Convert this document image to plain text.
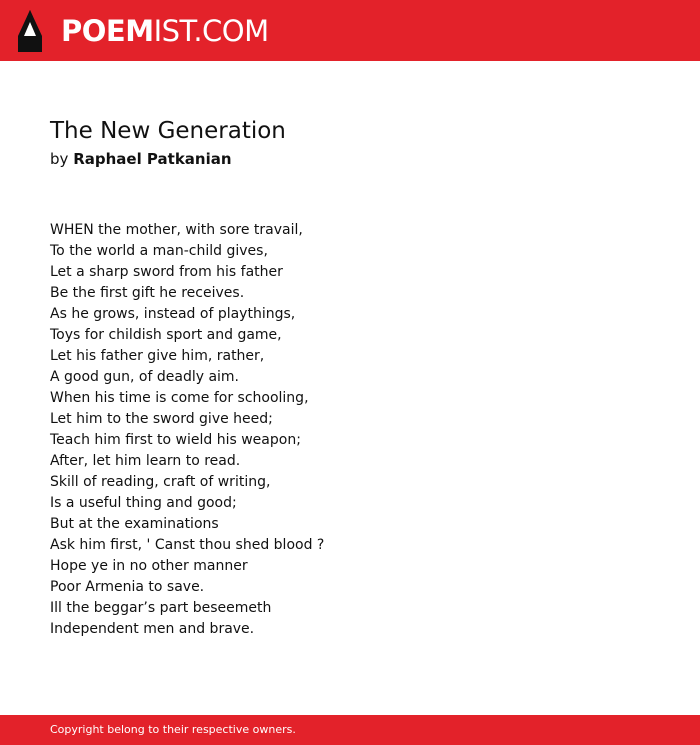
POEMIST.COM
The New Generation
by Raphael Patkanian
WHEN the mother, with sore travail,
To the world a man-child gives,
Let a sharp sword from his father
Be the first gift he receives.
As he grows, instead of playthings,
Toys for childish sport and game,
Let his father give him, rather,
A good gun, of deadly aim.
When his time is come for schooling,
Let him to the sword give heed;
Teach him first to wield his weapon;
After, let him learn to read.
Skill of reading, craft of writing,
Is a useful thing and good;
But at the examinations
Ask him first, ' Canst thou shed blood ?
Hope ye in no other manner
Poor Armenia to save.
Ill the beggar’s part beseemeth
Independent men and brave.
Copyright belong to their respective owners.
